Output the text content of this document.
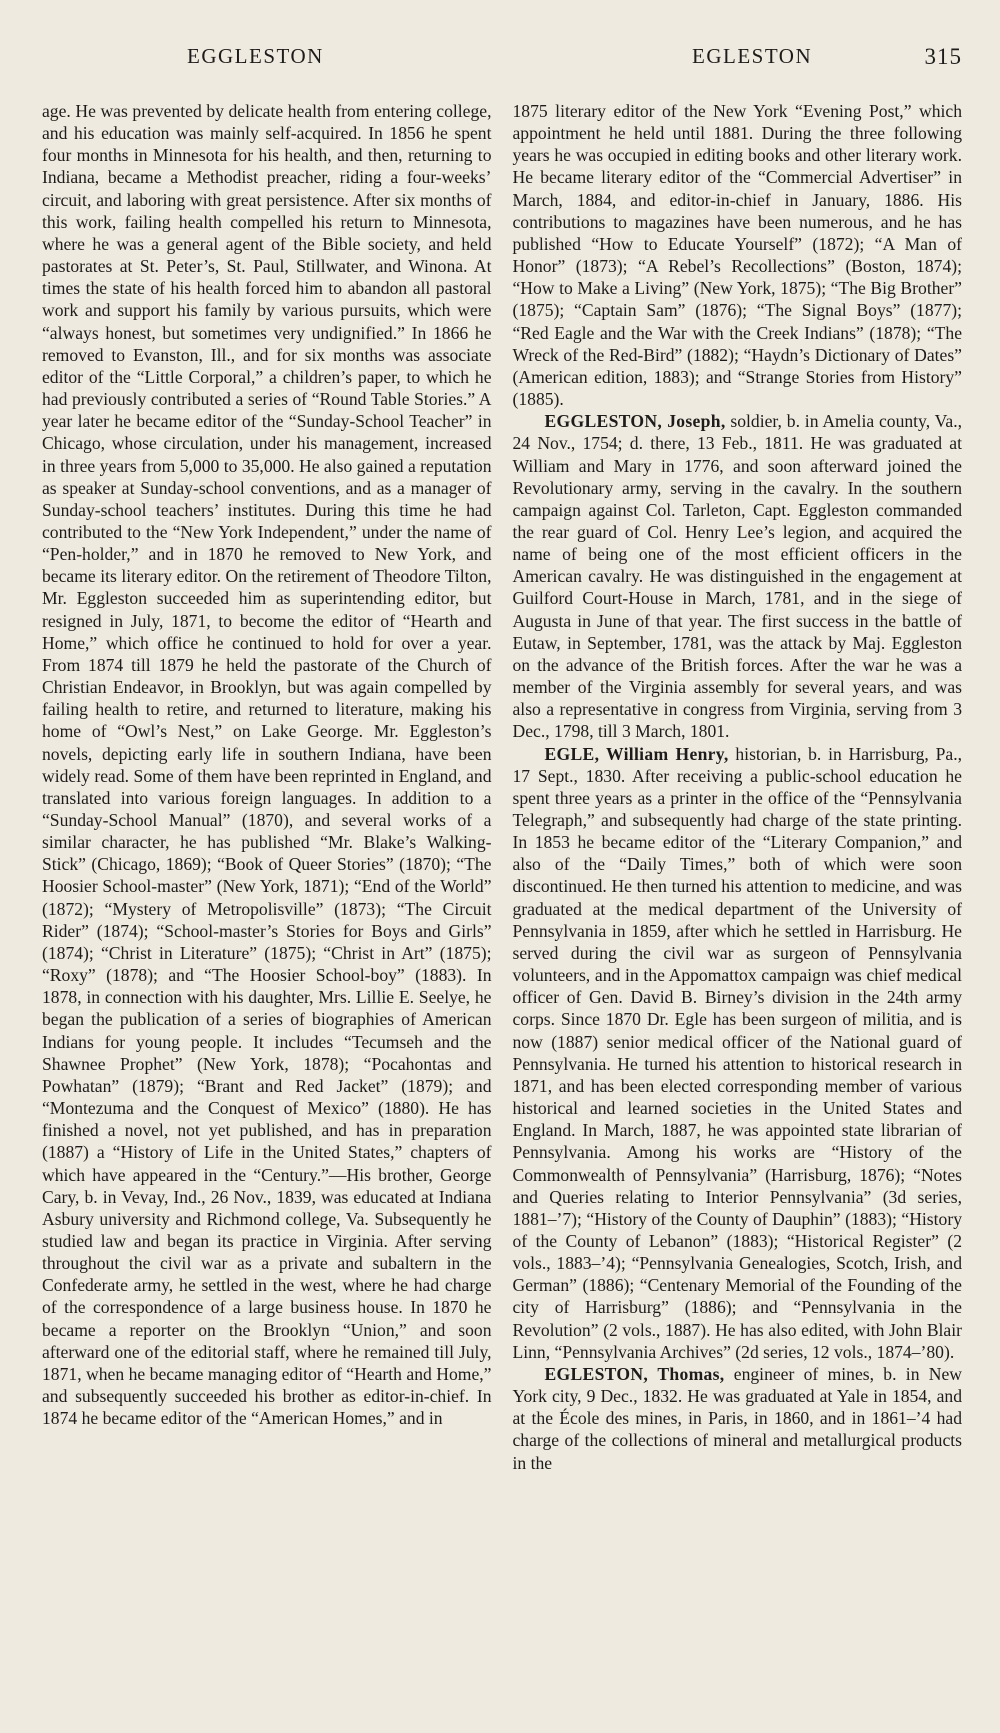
EGGLESTON	EGLESTON	315

age. He was prevented by delicate health from entering college, and his education was mainly self-acquired. In 1856 he spent four months in Minnesota for his health, and then, returning to Indiana, became a Methodist preacher, riding a four-weeks’ circuit, and laboring with great persistence. After six months of this work, failing health compelled his return to Minnesota, where he was a general agent of the Bible society, and held pastorates at St. Peter’s, St. Paul, Stillwater, and Winona. At times the state of his health forced him to abandon all pastoral work and support his family by various pursuits, which were “always honest, but sometimes very undignified.” In 1866 he removed to Evanston, Ill., and for six months was associate editor of the “Little Corporal,” a children’s paper, to which he had previously contributed a series of “Round Table Stories.” A year later he became editor of the “Sunday-School Teacher” in Chicago, whose circulation, under his management, increased in three years from 5,000 to 35,000. He also gained a reputation as speaker at Sunday-school conventions, and as a manager of Sunday-school teachers’ institutes. During this time he had contributed to the “New York Independent,” under the name of “Pen-holder,” and in 1870 he removed to New York, and became its literary editor. On the retirement of Theodore Tilton, Mr. Eggleston succeeded him as superintending editor, but resigned in July, 1871, to become the editor of “Hearth and Home,” which office he continued to hold for over a year. From 1874 till 1879 he held the pastorate of the Church of Christian Endeavor, in Brooklyn, but was again compelled by failing health to retire, and returned to literature, making his home of “Owl’s Nest,” on Lake George. Mr. Eggleston’s novels, depicting early life in southern Indiana, have been widely read. Some of them have been reprinted in England, and translated into various foreign languages. In addition to a “Sunday-School Manual” (1870), and several works of a similar character, he has published “Mr. Blake’s Walking-Stick” (Chicago, 1869); “Book of Queer Stories” (1870); “The Hoosier School-master” (New York, 1871); “End of the World” (1872); “Mystery of Metropolisville” (1873); “The Circuit Rider” (1874); “School-master’s Stories for Boys and Girls” (1874); “Christ in Literature” (1875); “Christ in Art” (1875); “Roxy” (1878); and “The Hoosier School-boy” (1883). In 1878, in connection with his daughter, Mrs. Lillie E. Seelye, he began the publication of a series of biographies of American Indians for young people. It includes “Tecumseh and the Shawnee Prophet” (New York, 1878); “Pocahontas and Powhatan” (1879); “Brant and Red Jacket” (1879); and “Montezuma and the Conquest of Mexico” (1880). He has finished a novel, not yet published, and has in preparation (1887) a “History of Life in the United States,” chapters of which have appeared in the “Century.”—His brother, George Cary, b. in Vevay, Ind., 26 Nov., 1839, was educated at Indiana Asbury university and Richmond college, Va. Subsequently he studied law and began its practice in Virginia. After serving throughout the civil war as a private and subaltern in the Confederate army, he settled in the west, where he had charge of the correspondence of a large business house. In 1870 he became a reporter on the Brooklyn “Union,” and soon afterward one of the editorial staff, where he remained till July, 1871, when he became managing editor of “Hearth and Home,” and subsequently succeeded his brother as editor-in-chief. In 1874 he became editor of the “American Homes,” and in

1875 literary editor of the New York “Evening Post,” which appointment he held until 1881. During the three following years he was occupied in editing books and other literary work. He became literary editor of the “Commercial Advertiser” in March, 1884, and editor-in-chief in January, 1886. His contributions to magazines have been numerous, and he has published “How to Educate Yourself” (1872); “A Man of Honor” (1873); “A Rebel’s Recollections” (Boston, 1874); “How to Make a Living” (New York, 1875); “The Big Brother” (1875); “Captain Sam” (1876); “The Signal Boys” (1877); “Red Eagle and the War with the Creek Indians” (1878); “The Wreck of the Red-Bird” (1882); “Haydn’s Dictionary of Dates” (American edition, 1883); and “Strange Stories from History” (1885).

EGGLESTON, Joseph, soldier, b. in Amelia county, Va., 24 Nov., 1754; d. there, 13 Feb., 1811. He was graduated at William and Mary in 1776, and soon afterward joined the Revolutionary army, serving in the cavalry. In the southern campaign against Col. Tarleton, Capt. Eggleston commanded the rear guard of Col. Henry Lee’s legion, and acquired the name of being one of the most efficient officers in the American cavalry. He was distinguished in the engagement at Guilford Court-House in March, 1781, and in the siege of Augusta in June of that year. The first success in the battle of Eutaw, in September, 1781, was the attack by Maj. Eggleston on the advance of the British forces. After the war he was a member of the Virginia assembly for several years, and was also a representative in congress from Virginia, serving from 3 Dec., 1798, till 3 March, 1801.

EGLE, William Henry, historian, b. in Harrisburg, Pa., 17 Sept., 1830. After receiving a public-school education he spent three years as a printer in the office of the “Pennsylvania Telegraph,” and subsequently had charge of the state printing. In 1853 he became editor of the “Literary Companion,” and also of the “Daily Times,” both of which were soon discontinued. He then turned his attention to medicine, and was graduated at the medical department of the University of Pennsylvania in 1859, after which he settled in Harrisburg. He served during the civil war as surgeon of Pennsylvania volunteers, and in the Appomattox campaign was chief medical officer of Gen. David B. Birney’s division in the 24th army corps. Since 1870 Dr. Egle has been surgeon of militia, and is now (1887) senior medical officer of the National guard of Pennsylvania. He turned his attention to historical research in 1871, and has been elected corresponding member of various historical and learned societies in the United States and England. In March, 1887, he was appointed state librarian of Pennsylvania. Among his works are “History of the Commonwealth of Pennsylvania” (Harrisburg, 1876); “Notes and Queries relating to Interior Pennsylvania” (3d series, 1881–’7); “History of the County of Dauphin” (1883); “History of the County of Lebanon” (1883); “Historical Register” (2 vols., 1883–’4); “Pennsylvania Genealogies, Scotch, Irish, and German” (1886); “Centenary Memorial of the Founding of the city of Harrisburg” (1886); and “Pennsylvania in the Revolution” (2 vols., 1887). He has also edited, with John Blair Linn, “Pennsylvania Archives” (2d series, 12 vols., 1874–’80).

EGLESTON, Thomas, engineer of mines, b. in New York city, 9 Dec., 1832. He was graduated at Yale in 1854, and at the École des mines, in Paris, in 1860, and in 1861–’4 had charge of the collections of mineral and metallurgical products in the
